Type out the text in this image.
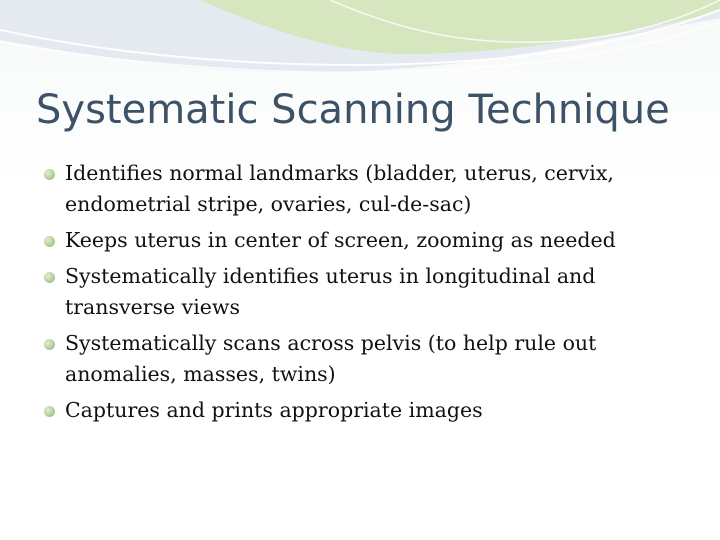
Systematic Scanning Technique
Identifies normal landmarks (bladder, uterus, cervix, endometrial stripe, ovaries, cul-de-sac)
Keeps uterus in center of screen, zooming as needed
Systematically identifies uterus in longitudinal and transverse views
Systematically scans across pelvis (to help rule out anomalies, masses, twins)
Captures and prints appropriate images
